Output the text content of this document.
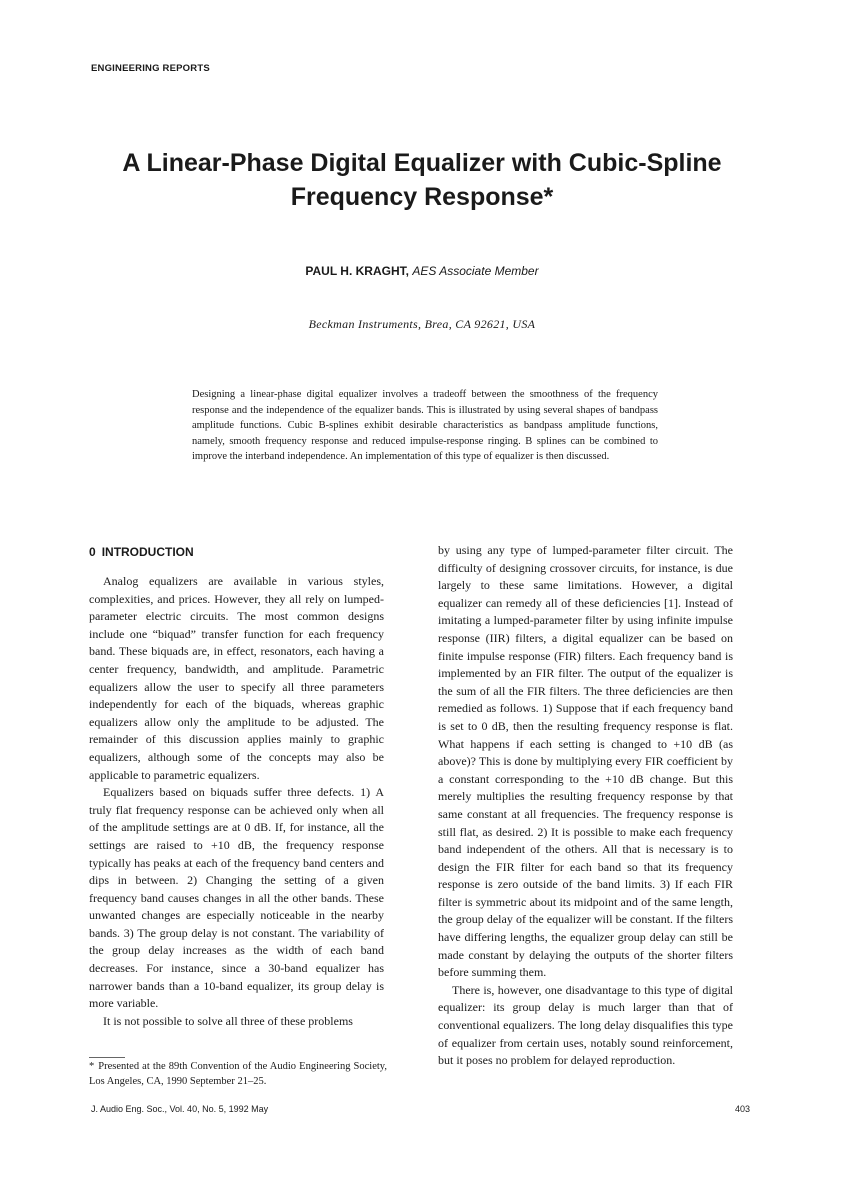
ENGINEERING REPORTS
A Linear-Phase Digital Equalizer with Cubic-Spline
Frequency Response*
PAUL H. KRAGHT, AES Associate Member
Beckman Instruments, Brea, CA 92621, USA

Designing a linear-phase digital equalizer involves a tradeoff between the smoothness of the frequency response and the independence of the equalizer bands. This is illustrated by using several shapes of bandpass amplitude functions. Cubic B-splines exhibit desirable characteristics as bandpass amplitude functions, namely, smooth frequency response and reduced impulse-response ringing. B splines can be combined to improve the interband independence. An implementation of this type of equalizer is then discussed.

0 INTRODUCTION

Analog equalizers are available in various styles, complexities, and prices. However, they all rely on lumped-parameter electric circuits. The most common designs include one “biquad” transfer function for each frequency band. These biquads are, in effect, resonators, each having a center frequency, bandwidth, and amplitude. Parametric equalizers allow the user to specify all three parameters independently for each of the biquads, whereas graphic equalizers allow only the amplitude to be adjusted. The remainder of this discussion applies mainly to graphic equalizers, although some of the concepts may also be applicable to parametric equalizers.

Equalizers based on biquads suffer three defects. 1) A truly flat frequency response can be achieved only when all of the amplitude settings are at 0 dB. If, for instance, all the settings are raised to +10 dB, the frequency response typically has peaks at each of the frequency band centers and dips in between. 2) Changing the setting of a given frequency band causes changes in all the other bands. These unwanted changes are especially noticeable in the nearby bands. 3) The group delay is not constant. The variability of the group delay increases as the width of each band decreases. For instance, since a 30-band equalizer has narrower bands than a 10-band equalizer, its group delay is more variable.

It is not possible to solve all three of these problems

by using any type of lumped-parameter filter circuit. The difficulty of designing crossover circuits, for instance, is due largely to these same limitations. However, a digital equalizer can remedy all of these deficiencies [1]. Instead of imitating a lumped-parameter filter by using infinite impulse response (IIR) filters, a digital equalizer can be based on finite impulse response (FIR) filters. Each frequency band is implemented by an FIR filter. The output of the equalizer is the sum of all the FIR filters. The three deficiencies are then remedied as follows. 1) Suppose that if each frequency band is set to 0 dB, then the resulting frequency response is flat. What happens if each setting is changed to +10 dB (as above)? This is done by multiplying every FIR coefficient by a constant corresponding to the +10 dB change. But this merely multiplies the resulting frequency response by that same constant at all frequencies. The frequency response is still flat, as desired. 2) It is possible to make each frequency band independent of the others. All that is necessary is to design the FIR filter for each band so that its frequency response is zero outside of the band limits. 3) If each FIR filter is symmetric about its midpoint and of the same length, the group delay of the equalizer will be constant. If the filters have differing lengths, the equalizer group delay can still be made constant by delaying the outputs of the shorter filters before summing them.

There is, however, one disadvantage to this type of digital equalizer: its group delay is much larger than that of conventional equalizers. The long delay disqualifies this type of equalizer from certain uses, notably sound reinforcement, but it poses no problem for delayed reproduction.

* Presented at the 89th Convention of the Audio Engineering Society, Los Angeles, CA, 1990 September 21–25.
J. Audio Eng. Soc., Vol. 40, No. 5, 1992 May	403
